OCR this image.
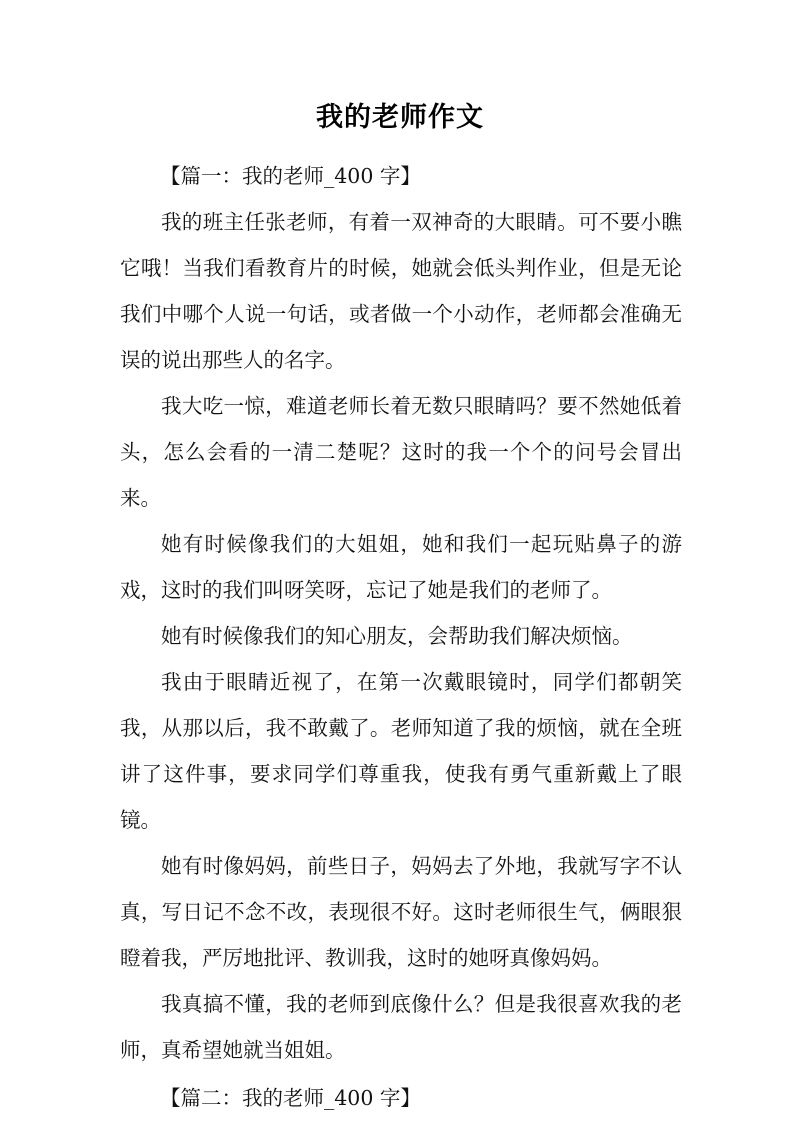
我的老师作文

【篇一：我的老师_400 字】

我的班主任张老师，有着一双神奇的大眼睛。可不要小瞧它哦！当我们看教育片的时候，她就会低头判作业，但是无论我们中哪个人说一句话，或者做一个小动作，老师都会准确无误的说出那些人的名字。

我大吃一惊，难道老师长着无数只眼睛吗？要不然她低着头，怎么会看的一清二楚呢？这时的我一个个的问号会冒出来。

她有时候像我们的大姐姐，她和我们一起玩贴鼻子的游戏，这时的我们叫呀笑呀，忘记了她是我们的老师了。

她有时候像我们的知心朋友，会帮助我们解决烦恼。

我由于眼睛近视了，在第一次戴眼镜时，同学们都朝笑我，从那以后，我不敢戴了。老师知道了我的烦恼，就在全班讲了这件事，要求同学们尊重我，使我有勇气重新戴上了眼镜。

她有时像妈妈，前些日子，妈妈去了外地，我就写字不认真，写日记不念不改，表现很不好。这时老师很生气，俩眼狠瞪着我，严厉地批评、教训我，这时的她呀真像妈妈。

我真搞不懂，我的老师到底像什么？但是我很喜欢我的老师，真希望她就当姐姐。

【篇二：我的老师_400 字】
